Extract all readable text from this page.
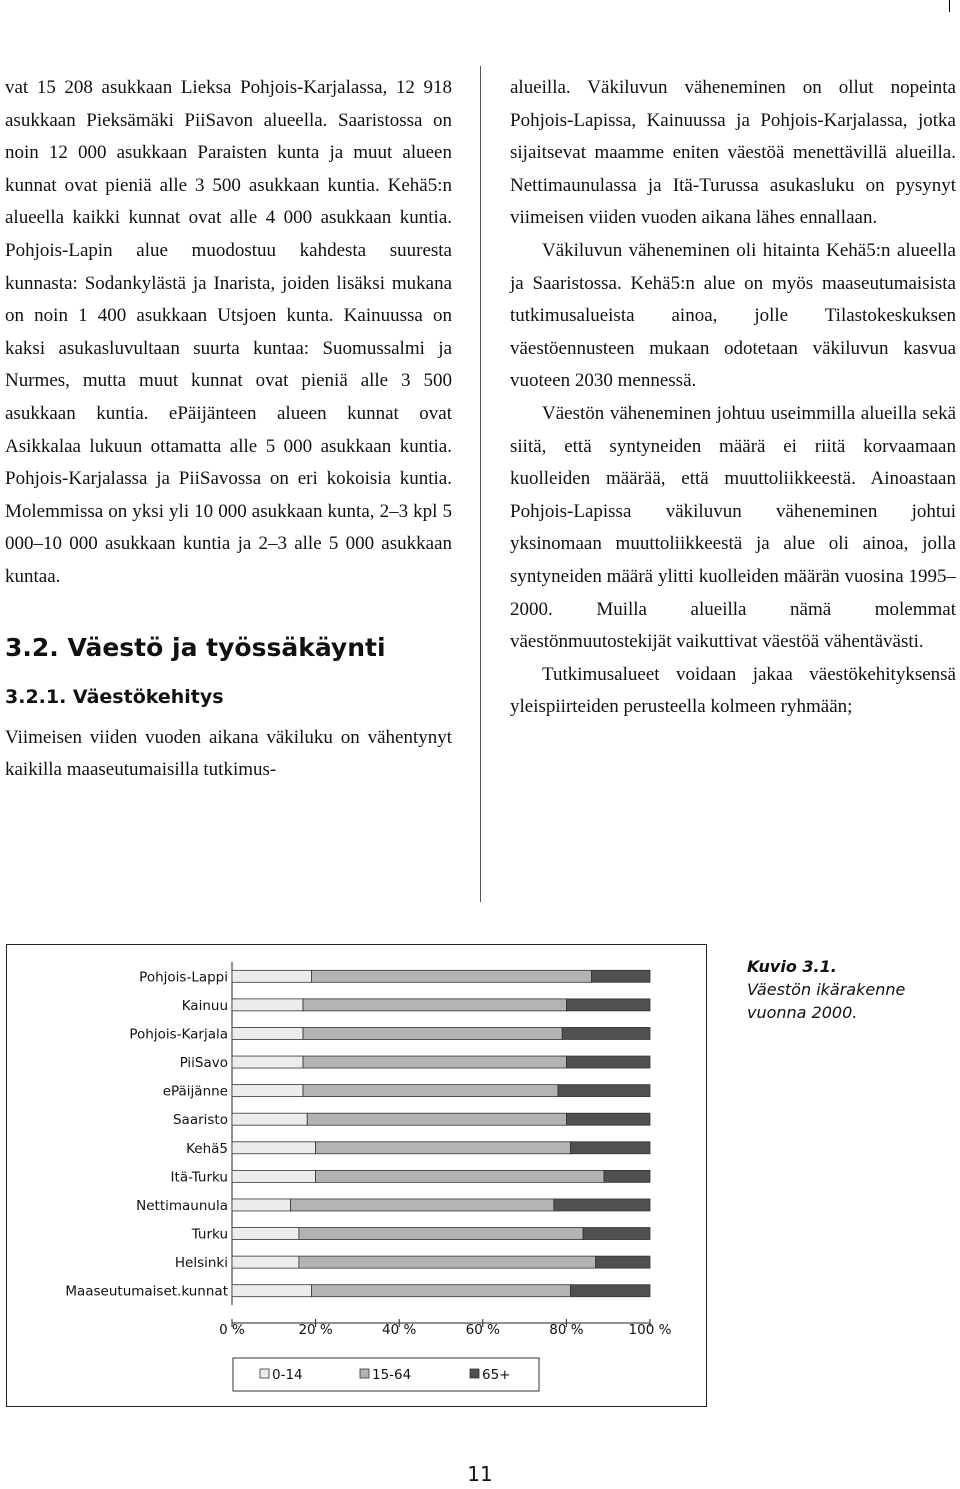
vat 15 208 asukkaan Lieksa Pohjois-Karjalassa, 12 918 asukkaan Pieksämäki PiiSavon alueella. Saaristossa on noin 12 000 asukkaan Paraisten kunta ja muut alueen kunnat ovat pieniä alle 3 500 asukkaan kuntia. Kehä5:n alueella kaikki kunnat ovat alle 4 000 asukkaan kuntia. Pohjois-Lapin alue muodostuu kahdesta suuresta kunnasta: Sodankylästä ja Inarista, joiden lisäksi mukana on noin 1 400 asukkaan Utsjoen kunta. Kainuussa on kaksi asukasluvultaan suurta kuntaa: Suomussalmi ja Nurmes, mutta muut kunnat ovat pieniä alle 3 500 asukkaan kuntia. ePäijänteen alueen kunnat ovat Asikkalaa lukuun ottamatta alle 5 000 asukkaan kuntia. Pohjois-Karjalassa ja PiiSavossa on eri kokoisia kuntia. Molemmissa on yksi yli 10 000 asukkaan kunta, 2–3 kpl 5 000–10 000 asukkaan kuntia ja 2–3 alle 5 000 asukkaan kuntaa.

3.2. Väestö ja työssäkäynti
3.2.1. Väestökehitys

Viimeisen viiden vuoden aikana väkiluku on vähentynyt kaikilla maaseutumaisilla tutkimus-

alueilla. Väkiluvun väheneminen on ollut nopeinta Pohjois-Lapissa, Kainuussa ja Pohjois-Karjalassa, jotka sijaitsevat maamme eniten väestöä menettävillä alueilla. Nettimaunulassa ja Itä-Turussa asukasluku on pysynyt viimeisen viiden vuoden aikana lähes ennallaan.

Väkiluvun väheneminen oli hitainta Kehä5:n alueella ja Saaristossa. Kehä5:n alue on myös maaseutumaisista tutkimusalueista ainoa, jolle Tilastokeskuksen väestöennusteen mukaan odotetaan väkiluvun kasvua vuoteen 2030 mennessä.

Väestön väheneminen johtuu useimmilla alueilla sekä siitä, että syntyneiden määrä ei riitä korvaamaan kuolleiden määrää, että muuttoliikkeestä. Ainoastaan Pohjois-Lapissa väkiluvun väheneminen johtui yksinomaan muuttoliikkeestä ja alue oli ainoa, jolla syntyneiden määrä ylitti kuolleiden määrän vuosina 1995–2000. Muilla alueilla nämä molemmat väestönmuutostekijät vaikuttivat väestöä vähentävästi.

Tutkimusalueet voidaan jakaa väestökehityksensä yleispiirteiden perusteella kolmeen ryhmään;

Pohjois-Lappi
Kainuu
Pohjois-Karjala
PiiSavo
ePäijänne
Saaristo
Kehä5
Itä-Turku
Nettimaunula
Turku
Helsinki
Maaseutumaiset.kunnat
0 %	20 %	40 %	60 %	80 %	100 %
0-14	15-64	65+
Kuvio 3.1.
Väestön ikärakenne vuonna 2000.
11
